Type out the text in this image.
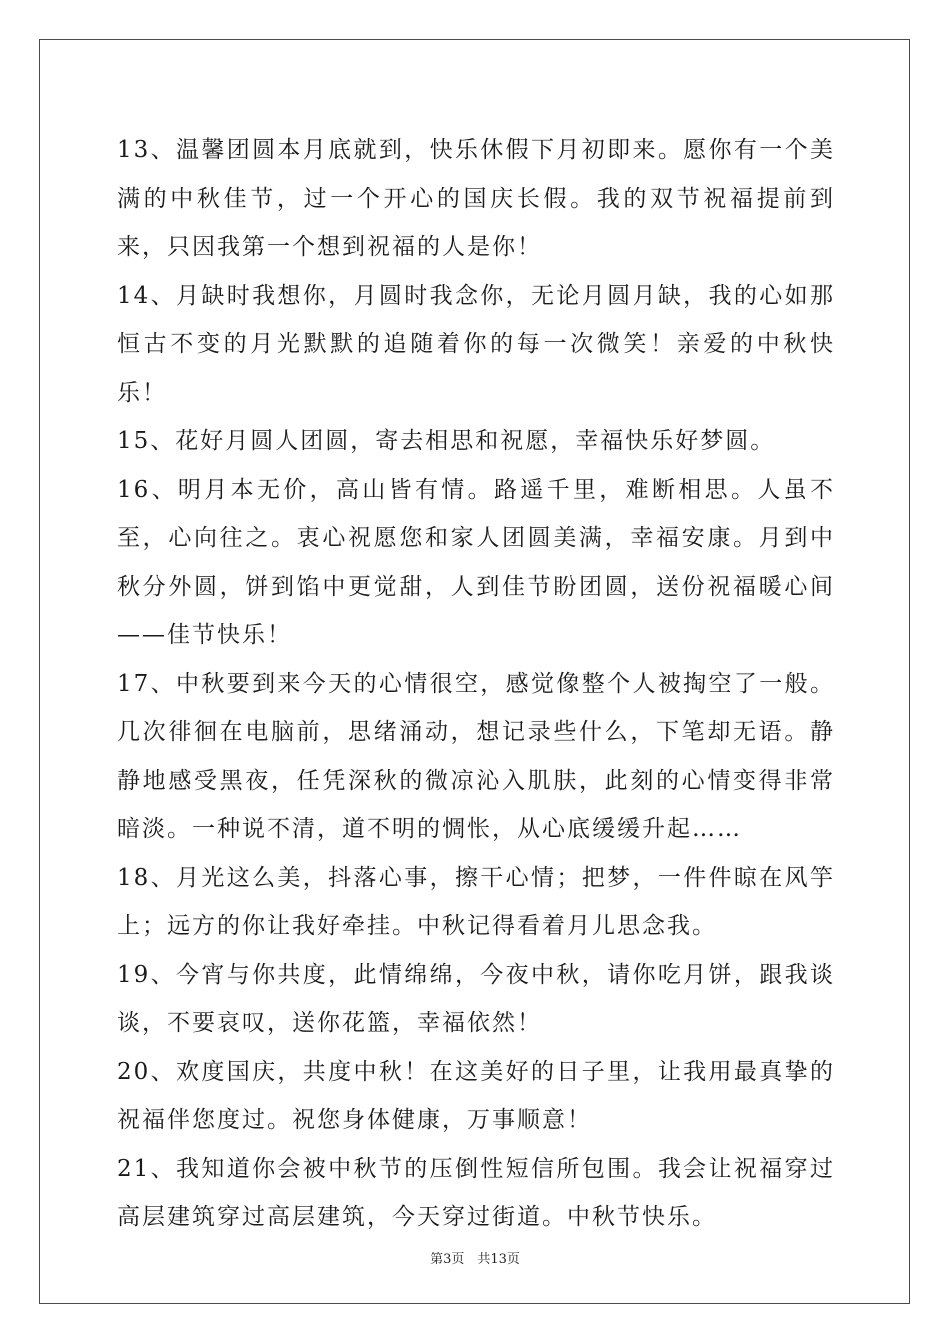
13、温馨团圆本月底就到，快乐休假下月初即来。愿你有一个美满的中秋佳节，过一个开心的国庆长假。我的双节祝福提前到来，只因我第一个想到祝福的人是你！

14、月缺时我想你，月圆时我念你，无论月圆月缺，我的心如那恒古不变的月光默默的追随着你的每一次微笑！亲爱的中秋快乐！

15、花好月圆人团圆，寄去相思和祝愿，幸福快乐好梦圆。

16、明月本无价，高山皆有情。路遥千里，难断相思。人虽不至，心向往之。衷心祝愿您和家人团圆美满，幸福安康。月到中秋分外圆，饼到馅中更觉甜，人到佳节盼团圆，送份祝福暖心间——佳节快乐！

17、中秋要到来今天的心情很空，感觉像整个人被掏空了一般。几次徘徊在电脑前，思绪涌动，想记录些什么，下笔却无语。静静地感受黑夜，任凭深秋的微凉沁入肌肤，此刻的心情变得非常暗淡。一种说不清，道不明的惆怅，从心底缓缓升起……

18、月光这么美，抖落心事，擦干心情；把梦，一件件晾在风竽上；远方的你让我好牵挂。中秋记得看着月儿思念我。

19、今宵与你共度，此情绵绵，今夜中秋，请你吃月饼，跟我谈谈，不要哀叹，送你花篮，幸福依然！

20、欢度国庆，共度中秋！在这美好的日子里，让我用最真挚的祝福伴您度过。祝您身体健康，万事顺意！

21、我知道你会被中秋节的压倒性短信所包围。我会让祝福穿过高层建筑穿过高层建筑，今天穿过街道。中秋节快乐。

第3页　共13页
